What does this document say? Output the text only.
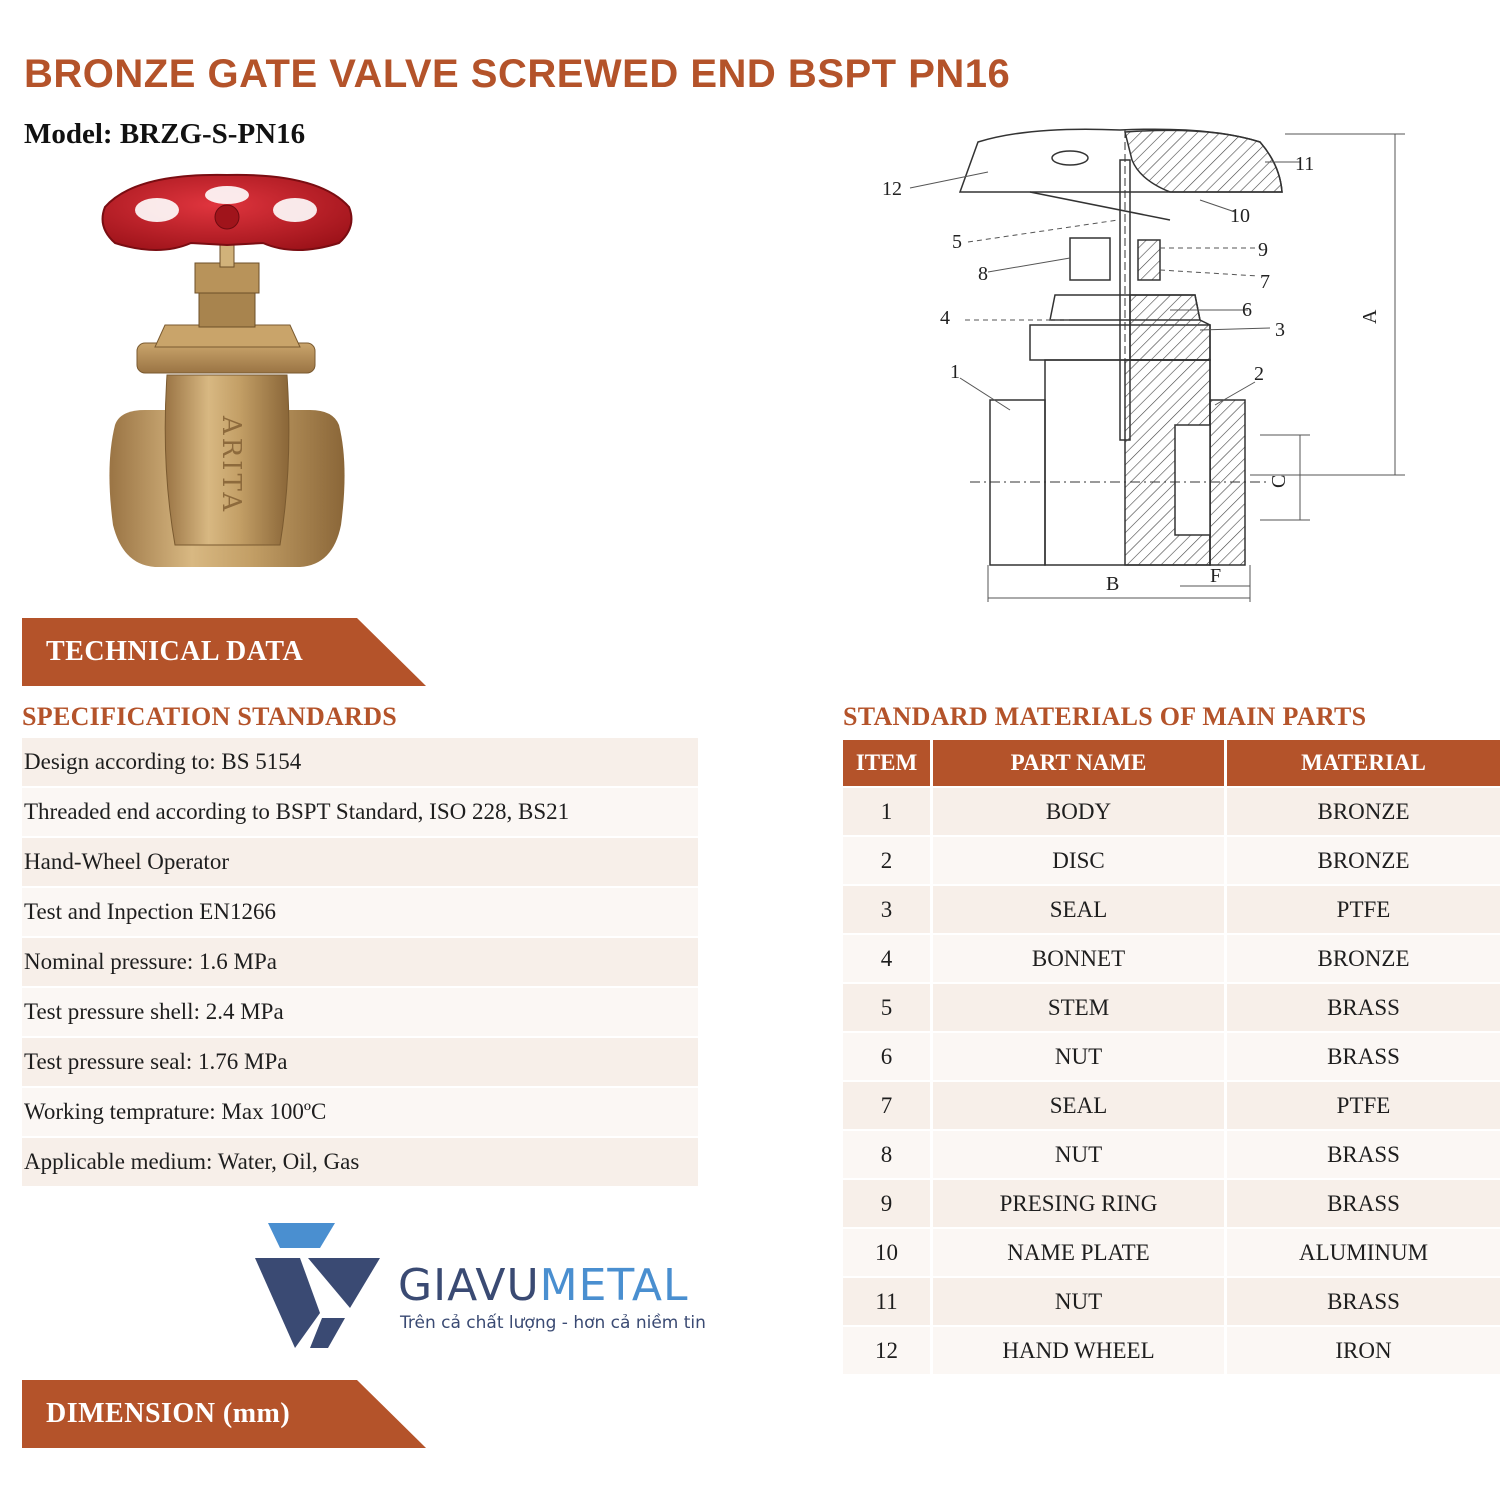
BRONZE GATE VALVE SCREWED END BSPT PN16
Model: BRZG-S-PN16
ARITA
12
11
10
5	9
8	7
4	6
3
1	2
A
B
C
F
TECHNICAL DATA
SPECIFICATION STANDARDS
Design according to: BS 5154
Threaded end according to BSPT Standard, ISO 228, BS21
Hand-Wheel Operator
Test and Inpection EN1266
Nominal pressure: 1.6 MPa
Test pressure shell: 2.4 MPa
Test pressure seal: 1.76 MPa
Working temprature: Max 100ºC
Applicable medium: Water, Oil, Gas
STANDARD MATERIALS OF MAIN PARTS
ITEM	PART NAME	MATERIAL
1	BODY	BRONZE
2	DISC	BRONZE
3	SEAL	PTFE
4	BONNET	BRONZE
5	STEM	BRASS
6	NUT	BRASS
7	SEAL	PTFE
8	NUT	BRASS
9	PRESING RING	BRASS
10	NAME PLATE	ALUMINUM
11	NUT	BRASS
12	HAND WHEEL	IRON
GIAVUMETAL
Trên cả chất lượng - hơn cả niềm tin
DIMENSION (mm)
